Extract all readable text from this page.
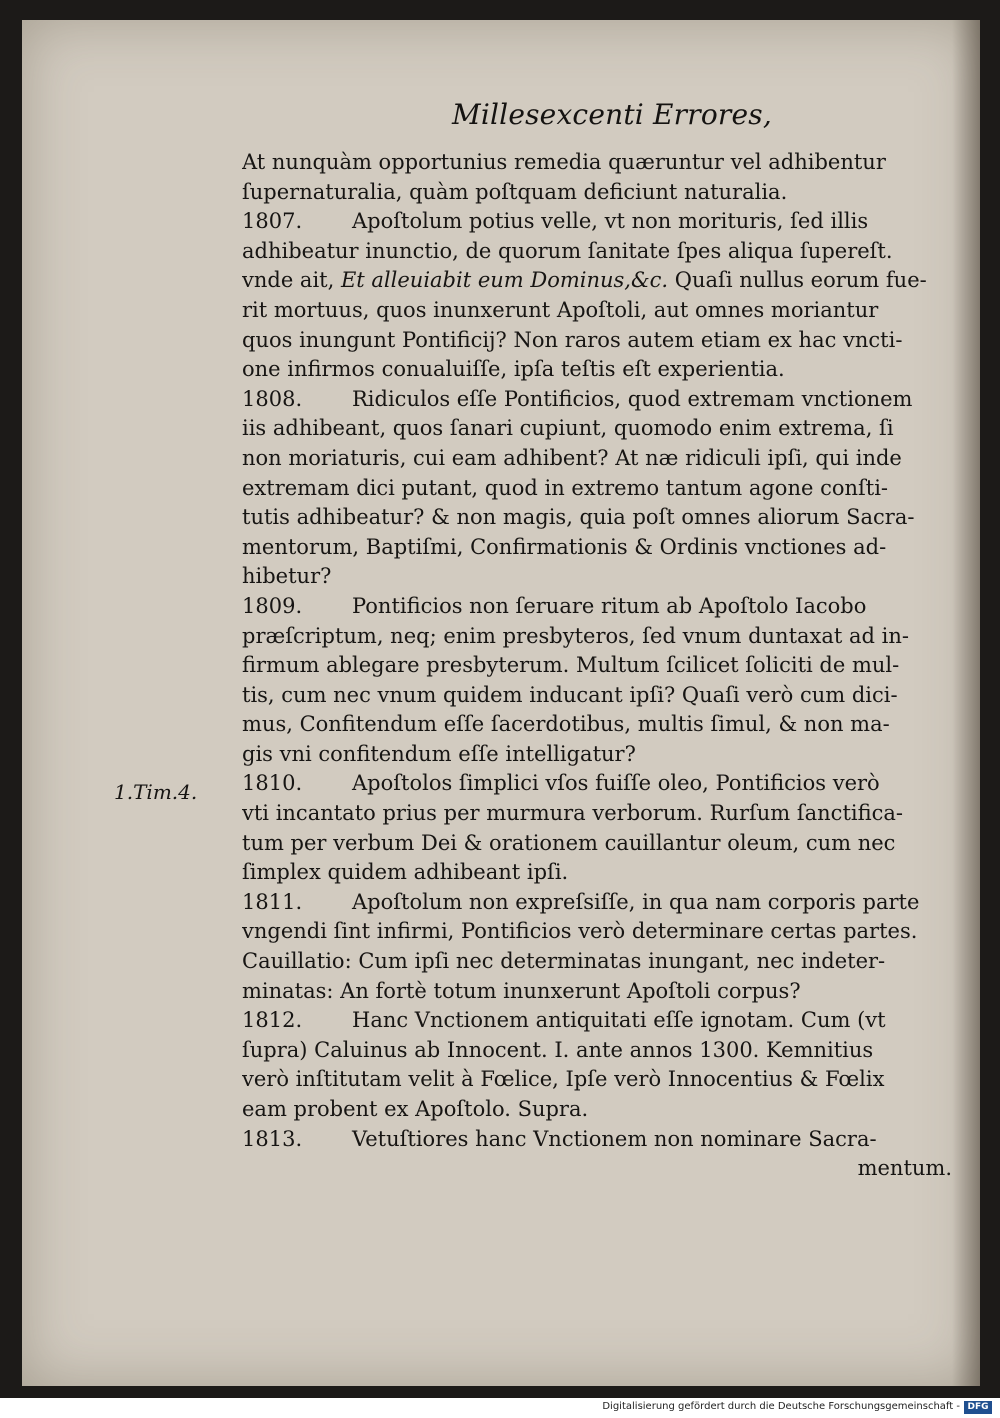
Millesexcenti Errores,
1.Tim.4.
At nunquàm opportunius remedia quæruntur vel adhibentur
ſupernaturalia, quàm poſtquam deficiunt naturalia.
1807.	Apoſtolum potius velle, vt non morituris, ſed illis
adhibeatur inunctio, de quorum ſanitate ſpes aliqua ſupereſt.
vnde ait, Et alleuiabit eum Dominus,&c. Quaſi nullus eorum fue-
rit mortuus, quos inunxerunt Apoſtoli, aut omnes moriantur
quos inungunt Pontificij? Non raros autem etiam ex hac vncti-
one infirmos conualuiſſe, ipſa teſtis eſt experientia.
1808.	Ridiculos eſſe Pontificios, quod extremam vnctionem
iis adhibeant, quos ſanari cupiunt, quomodo enim extrema, ſi
non moriaturis, cui eam adhibent? At næ ridiculi ipſi, qui inde
extremam dici putant, quod in extremo tantum agone conſti-
tutis adhibeatur? & non magis, quia poſt omnes aliorum Sacra-
mentorum, Baptiſmi, Confirmationis & Ordinis vnctiones ad-
hibetur?
1809.	Pontificios non ſeruare ritum ab Apoſtolo Iacobo
præſcriptum, neq; enim presbyteros, ſed vnum duntaxat ad in-
firmum ablegare presbyterum. Multum ſcilicet ſoliciti de mul-
tis, cum nec vnum quidem inducant ipſi? Quaſi verò cum dici-
mus, Confitendum eſſe ſacerdotibus, multis ſimul, & non ma-
gis vni confitendum eſſe intelligatur?
1810.	Apoſtolos ſimplici vſos fuiſſe oleo, Pontificios verò
vti incantato prius per murmura verborum. Rurſum ſanctifica-
tum per verbum Dei & orationem cauillantur oleum, cum nec
ſimplex quidem adhibeant ipſi.
1811.	Apoſtolum non expreſsiſſe, in qua nam corporis parte
vngendi ſint infirmi, Pontificios verò determinare certas partes.
Cauillatio: Cum ipſi nec determinatas inungant, nec indeter-
minatas: An fortè totum inunxerunt Apoſtoli corpus?
1812.	Hanc Vnctionem antiquitati eſſe ignotam. Cum (vt
ſupra) Caluinus ab Innocent. I. ante annos 1300. Kemnitius
verò inſtitutam velit à Fœlice, Ipſe verò Innocentius & Fœlix
eam probent ex Apoſtolo. Supra.
1813.	Vetuſtiores hanc Vnctionem non nominare Sacra-
mentum.
Digitalisierung gefördert durch die Deutsche Forschungsgemeinschaft - DFG
